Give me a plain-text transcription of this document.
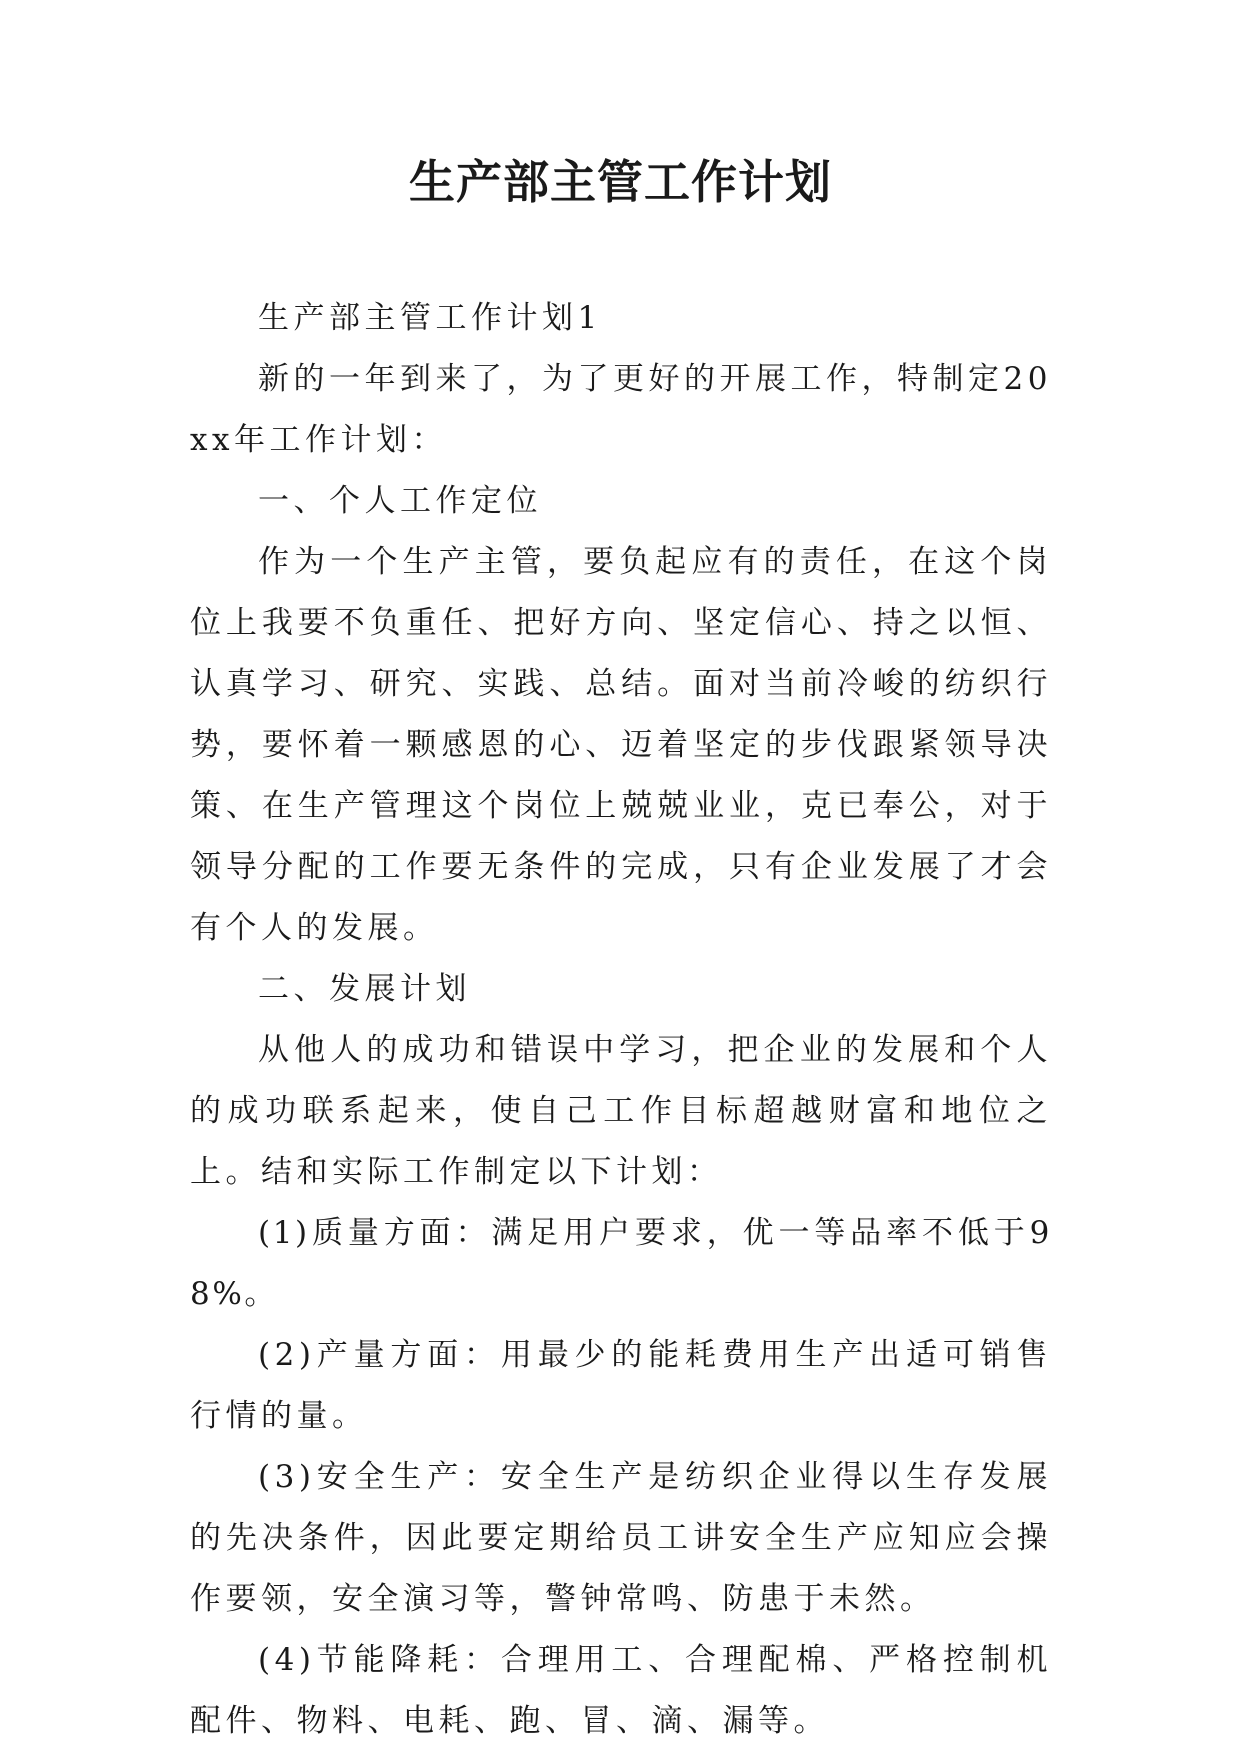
生产部主管工作计划

生产部主管工作计划1

新的一年到来了，为了更好的开展工作，特制定20xx年工作计划：

一、个人工作定位

作为一个生产主管，要负起应有的责任，在这个岗位上我要不负重任、把好方向、坚定信心、持之以恒、认真学习、研究、实践、总结。面对当前冷峻的纺织行势，要怀着一颗感恩的心、迈着坚定的步伐跟紧领导决策、在生产管理这个岗位上兢兢业业，克已奉公，对于领导分配的工作要无条件的完成，只有企业发展了才会有个人的发展。

二、发展计划

从他人的成功和错误中学习，把企业的发展和个人的成功联系起来，使自己工作目标超越财富和地位之上。结和实际工作制定以下计划：

(1)质量方面：满足用户要求，优一等品率不低于98%。

(2)产量方面：用最少的能耗费用生产出适可销售行情的量。

(3)安全生产：安全生产是纺织企业得以生存发展的先决条件，因此要定期给员工讲安全生产应知应会操作要领，安全演习等，警钟常鸣、防患于未然。

(4)节能降耗：合理用工、合理配棉、严格控制机配件、物料、电耗、跑、冒、滴、漏等。
